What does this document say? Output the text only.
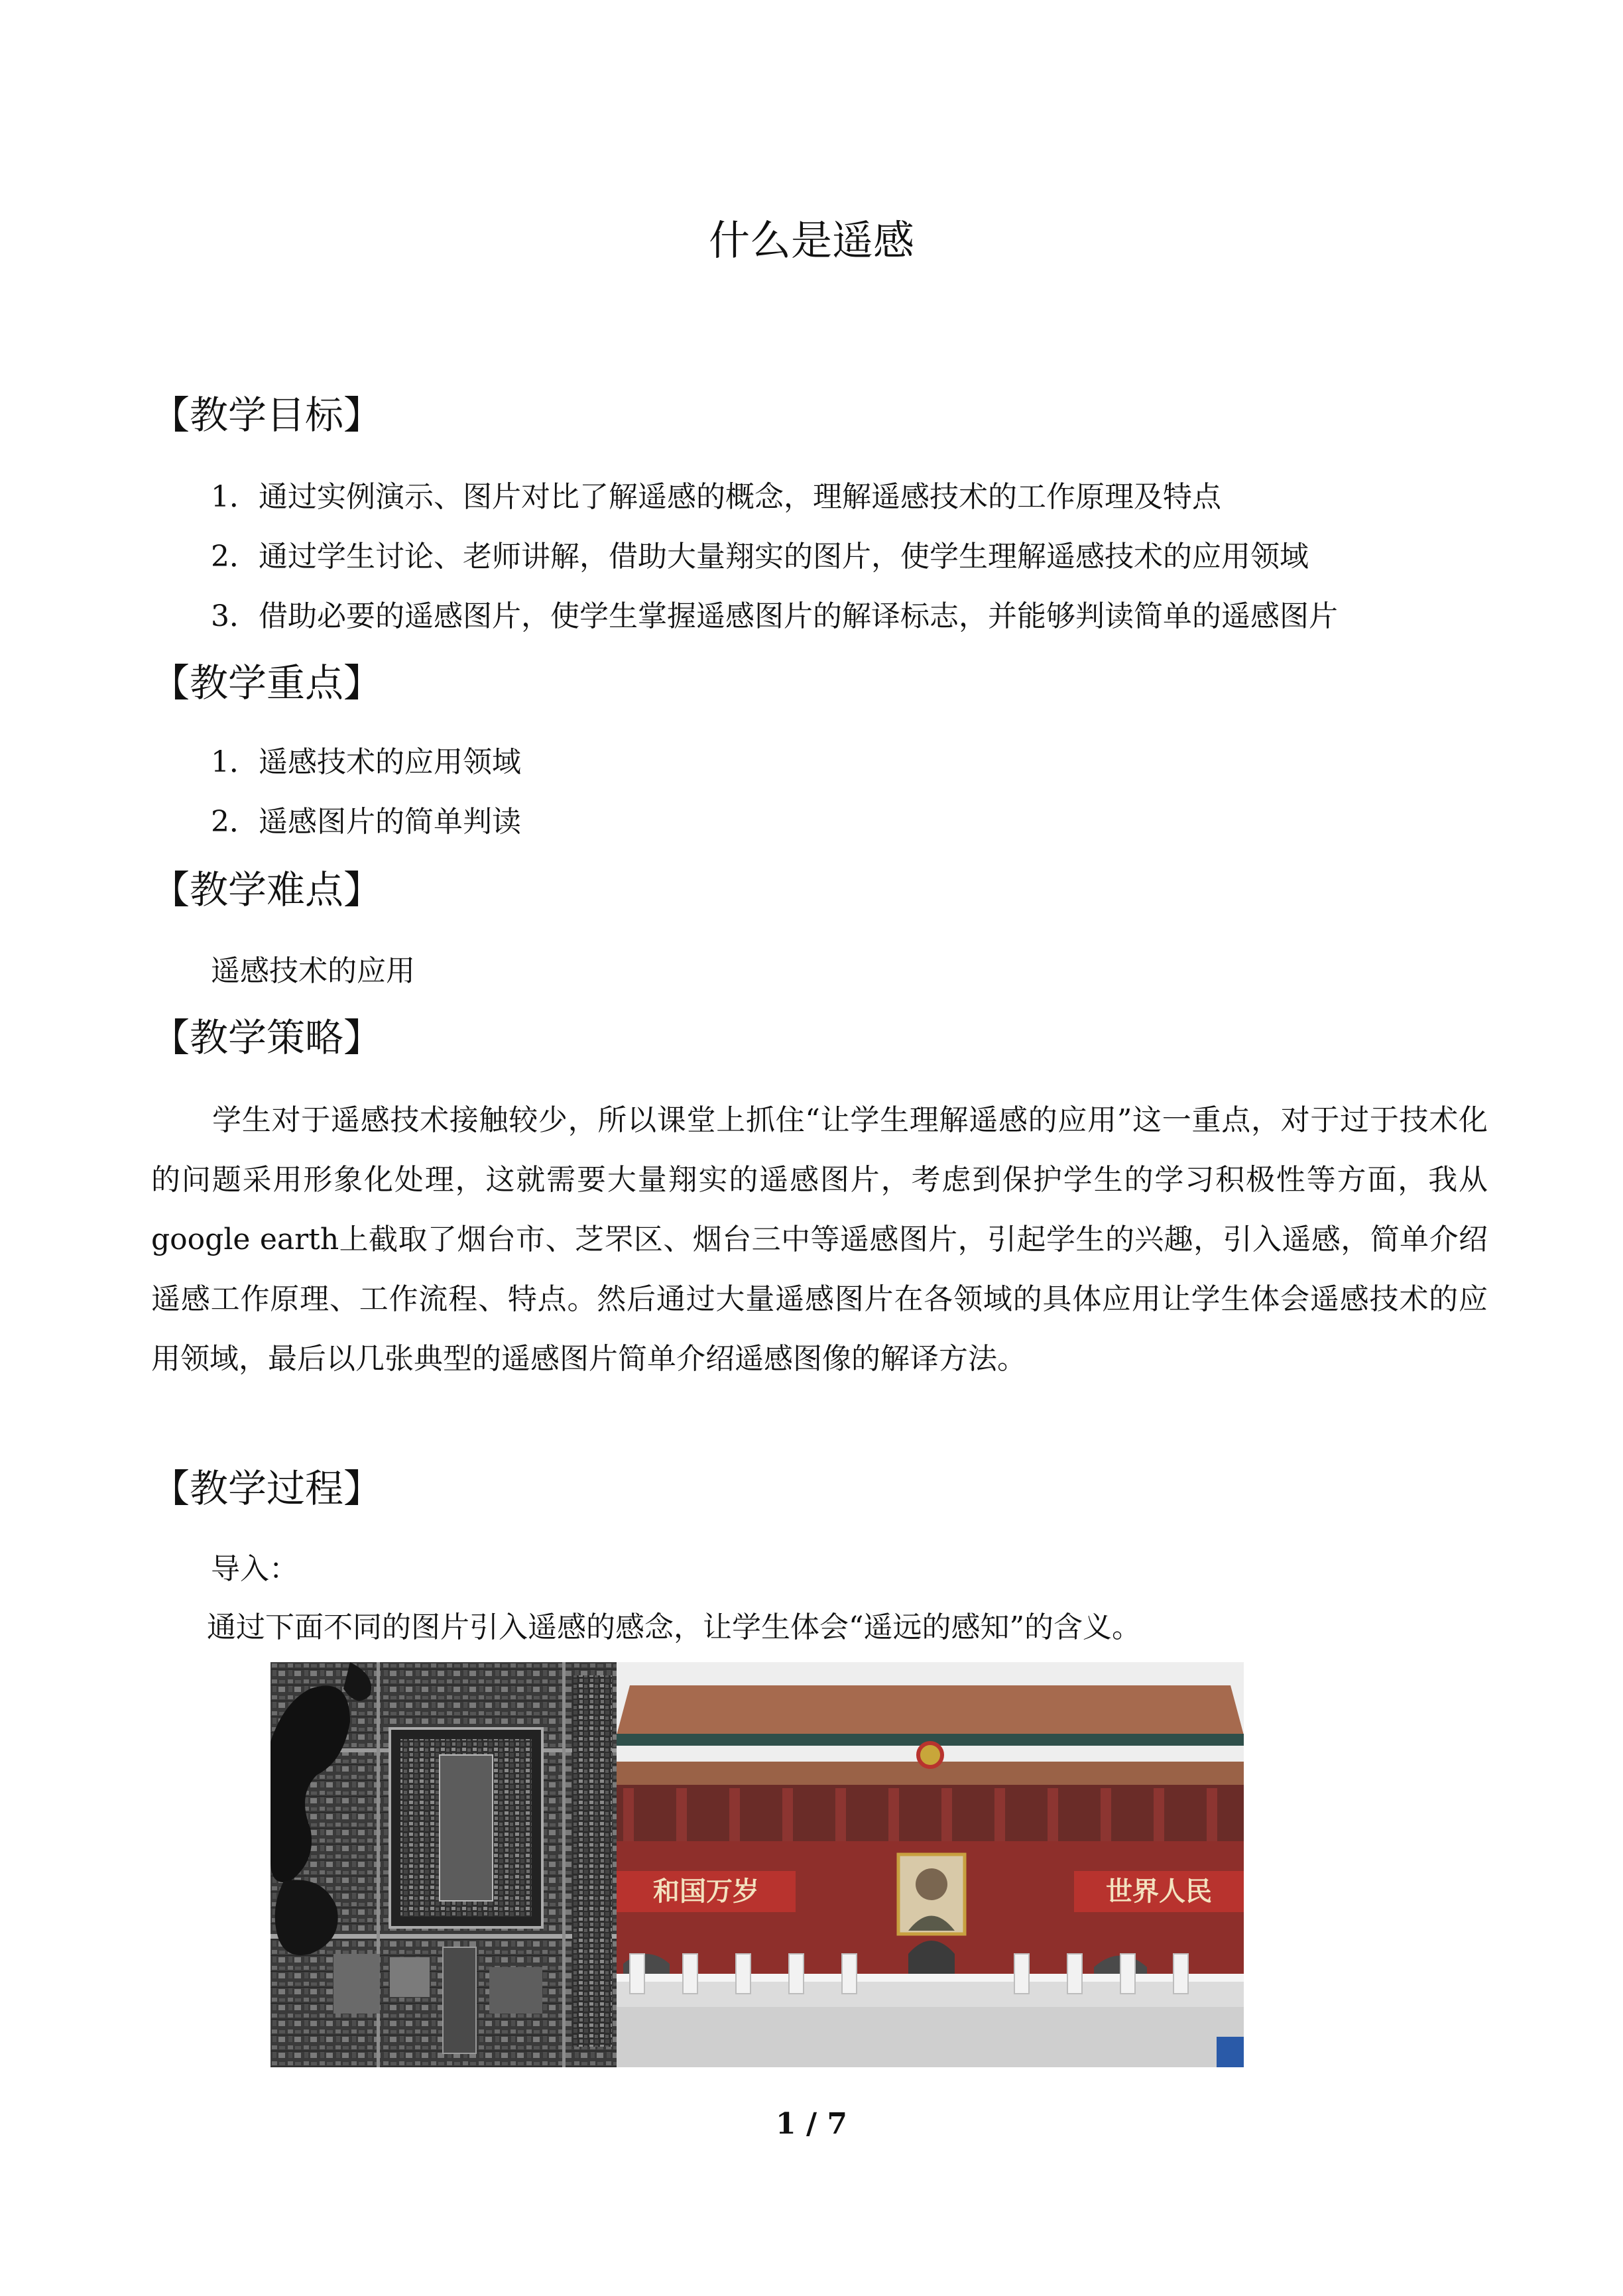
什么是遥感
【教学目标】
1．通过实例演示、图片对比了解遥感的概念，理解遥感技术的工作原理及特点
2．通过学生讨论、老师讲解，借助大量翔实的图片，使学生理解遥感技术的应用领域
3．借助必要的遥感图片，使学生掌握遥感图片的解译标志，并能够判读简单的遥感图片
【教学重点】
1．遥感技术的应用领域
2．遥感图片的简单判读
【教学难点】
遥感技术的应用
【教学策略】
学生对于遥感技术接触较少，所以课堂上抓住“让学生理解遥感的应用”这一重点，对于过于技术化的问题采用形象化处理，这就需要大量翔实的遥感图片，考虑到保护学生的学习积极性等方面，我从google earth上截取了烟台市、芝罘区、烟台三中等遥感图片，引起学生的兴趣，引入遥感，简单介绍遥感工作原理、工作流程、特点。然后通过大量遥感图片在各领域的具体应用让学生体会遥感技术的应用领域，最后以几张典型的遥感图片简单介绍遥感图像的解译方法。
【教学过程】
导入：
通过下面不同的图片引入遥感的感念，让学生体会“遥远的感知”的含义。
和国万岁	世界人民
1 / 7
